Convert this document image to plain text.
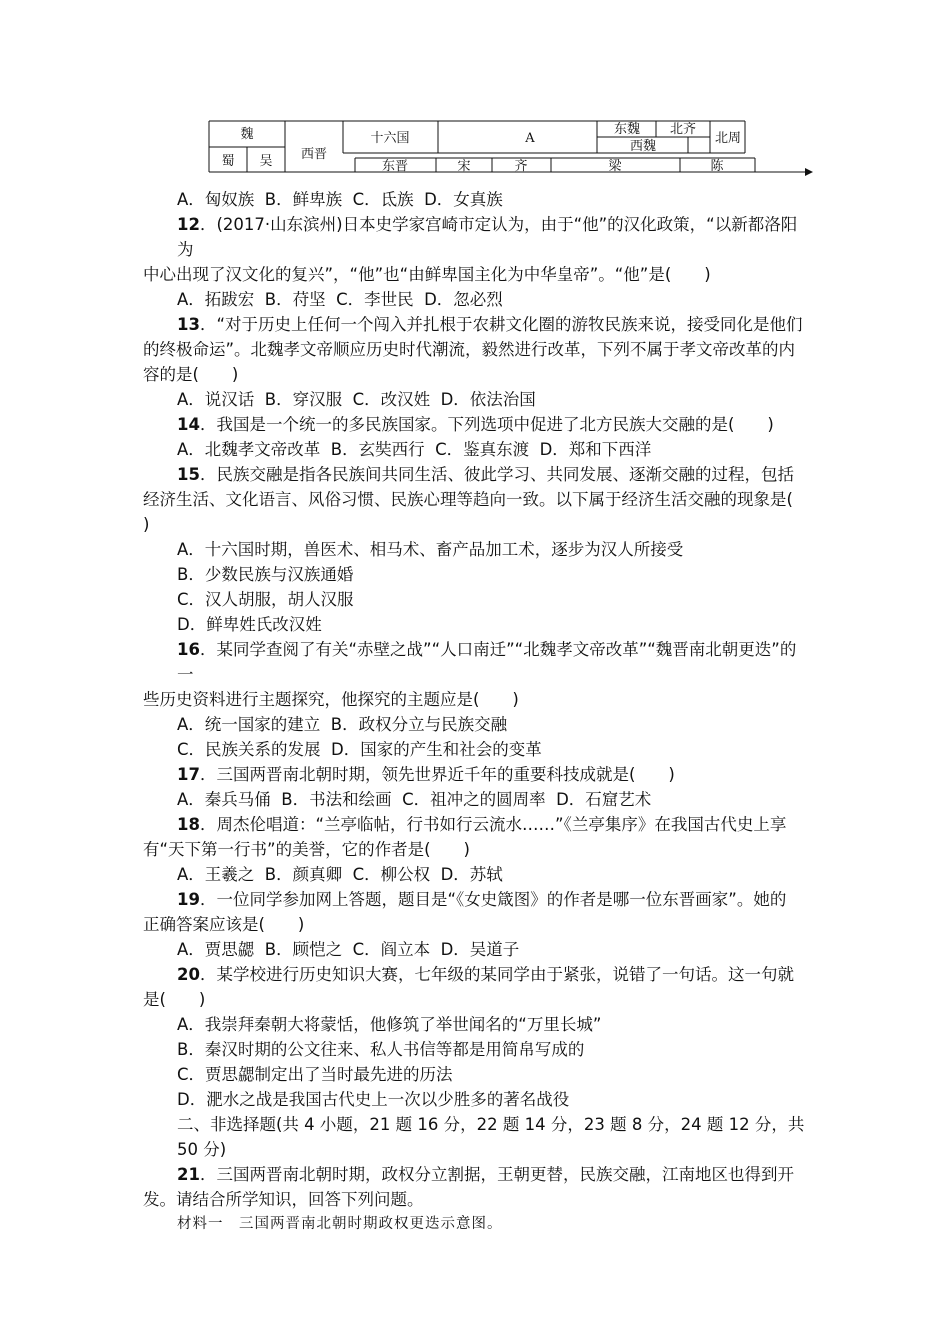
魏
西晋
十六国	A
东魏 北齐
西魏
北周
蜀 吴	东晋	宋	齐	梁	陈
A．匈奴族  B．鲜卑族  C．氐族  D．女真族
12．(2017·山东滨州)日本史学家宫崎市定认为，由于“他”的汉化政策，“以新都洛阳为
中心出现了汉文化的复兴”，“他”也“由鲜卑国主化为中华皇帝”。“他”是(　　)
A．拓跋宏  B．苻坚  C．李世民  D．忽必烈
13．“对于历史上任何一个闯入并扎根于农耕文化圈的游牧民族来说，接受同化是他们
的终极命运”。北魏孝文帝顺应历史时代潮流，毅然进行改革，下列不属于孝文帝改革的内
容的是(　　)
A．说汉话  B．穿汉服  C．改汉姓  D．依法治国
14．我国是一个统一的多民族国家。下列选项中促进了北方民族大交融的是(　　)
A．北魏孝文帝改革  B．玄奘西行  C．鉴真东渡  D．郑和下西洋
15．民族交融是指各民族间共同生活、彼此学习、共同发展、逐渐交融的过程，包括
经济生活、文化语言、风俗习惯、民族心理等趋向一致。以下属于经济生活交融的现象是(
)
A．十六国时期，兽医术、相马术、畜产品加工术，逐步为汉人所接受
B．少数民族与汉族通婚
C．汉人胡服，胡人汉服
D．鲜卑姓氏改汉姓
16．某同学查阅了有关“赤壁之战”“人口南迁”“北魏孝文帝改革”“魏晋南北朝更迭”的一
些历史资料进行主题探究，他探究的主题应是(　　)
A．统一国家的建立  B．政权分立与民族交融
C．民族关系的发展  D．国家的产生和社会的变革
17．三国两晋南北朝时期，领先世界近千年的重要科技成就是(　　)
A．秦兵马俑  B．书法和绘画  C．祖冲之的圆周率  D．石窟艺术
18．周杰伦唱道：“兰亭临帖，行书如行云流水……”《兰亭集序》在我国古代史上享
有“天下第一行书”的美誉，它的作者是(　　)
A．王羲之  B．颜真卿  C．柳公权  D．苏轼
19．一位同学参加网上答题，题目是“《女史箴图》的作者是哪一位东晋画家”。她的
正确答案应该是(　　)
A．贾思勰  B．顾恺之  C．阎立本  D．吴道子
20．某学校进行历史知识大赛，七年级的某同学由于紧张，说错了一句话。这一句就
是(　　)
A．我崇拜秦朝大将蒙恬，他修筑了举世闻名的“万里长城”
B．秦汉时期的公文往来、私人书信等都是用简帛写成的
C．贾思勰制定出了当时最先进的历法
D．淝水之战是我国古代史上一次以少胜多的著名战役
二、非选择题(共 4 小题，21 题 16 分，22 题 14 分，23 题 8 分，24 题 12 分，共 50 分)
21．三国两晋南北朝时期，政权分立割据，王朝更替，民族交融，江南地区也得到开
发。请结合所学知识，回答下列问题。
材料一　三国两晋南北朝时期政权更迭示意图。
